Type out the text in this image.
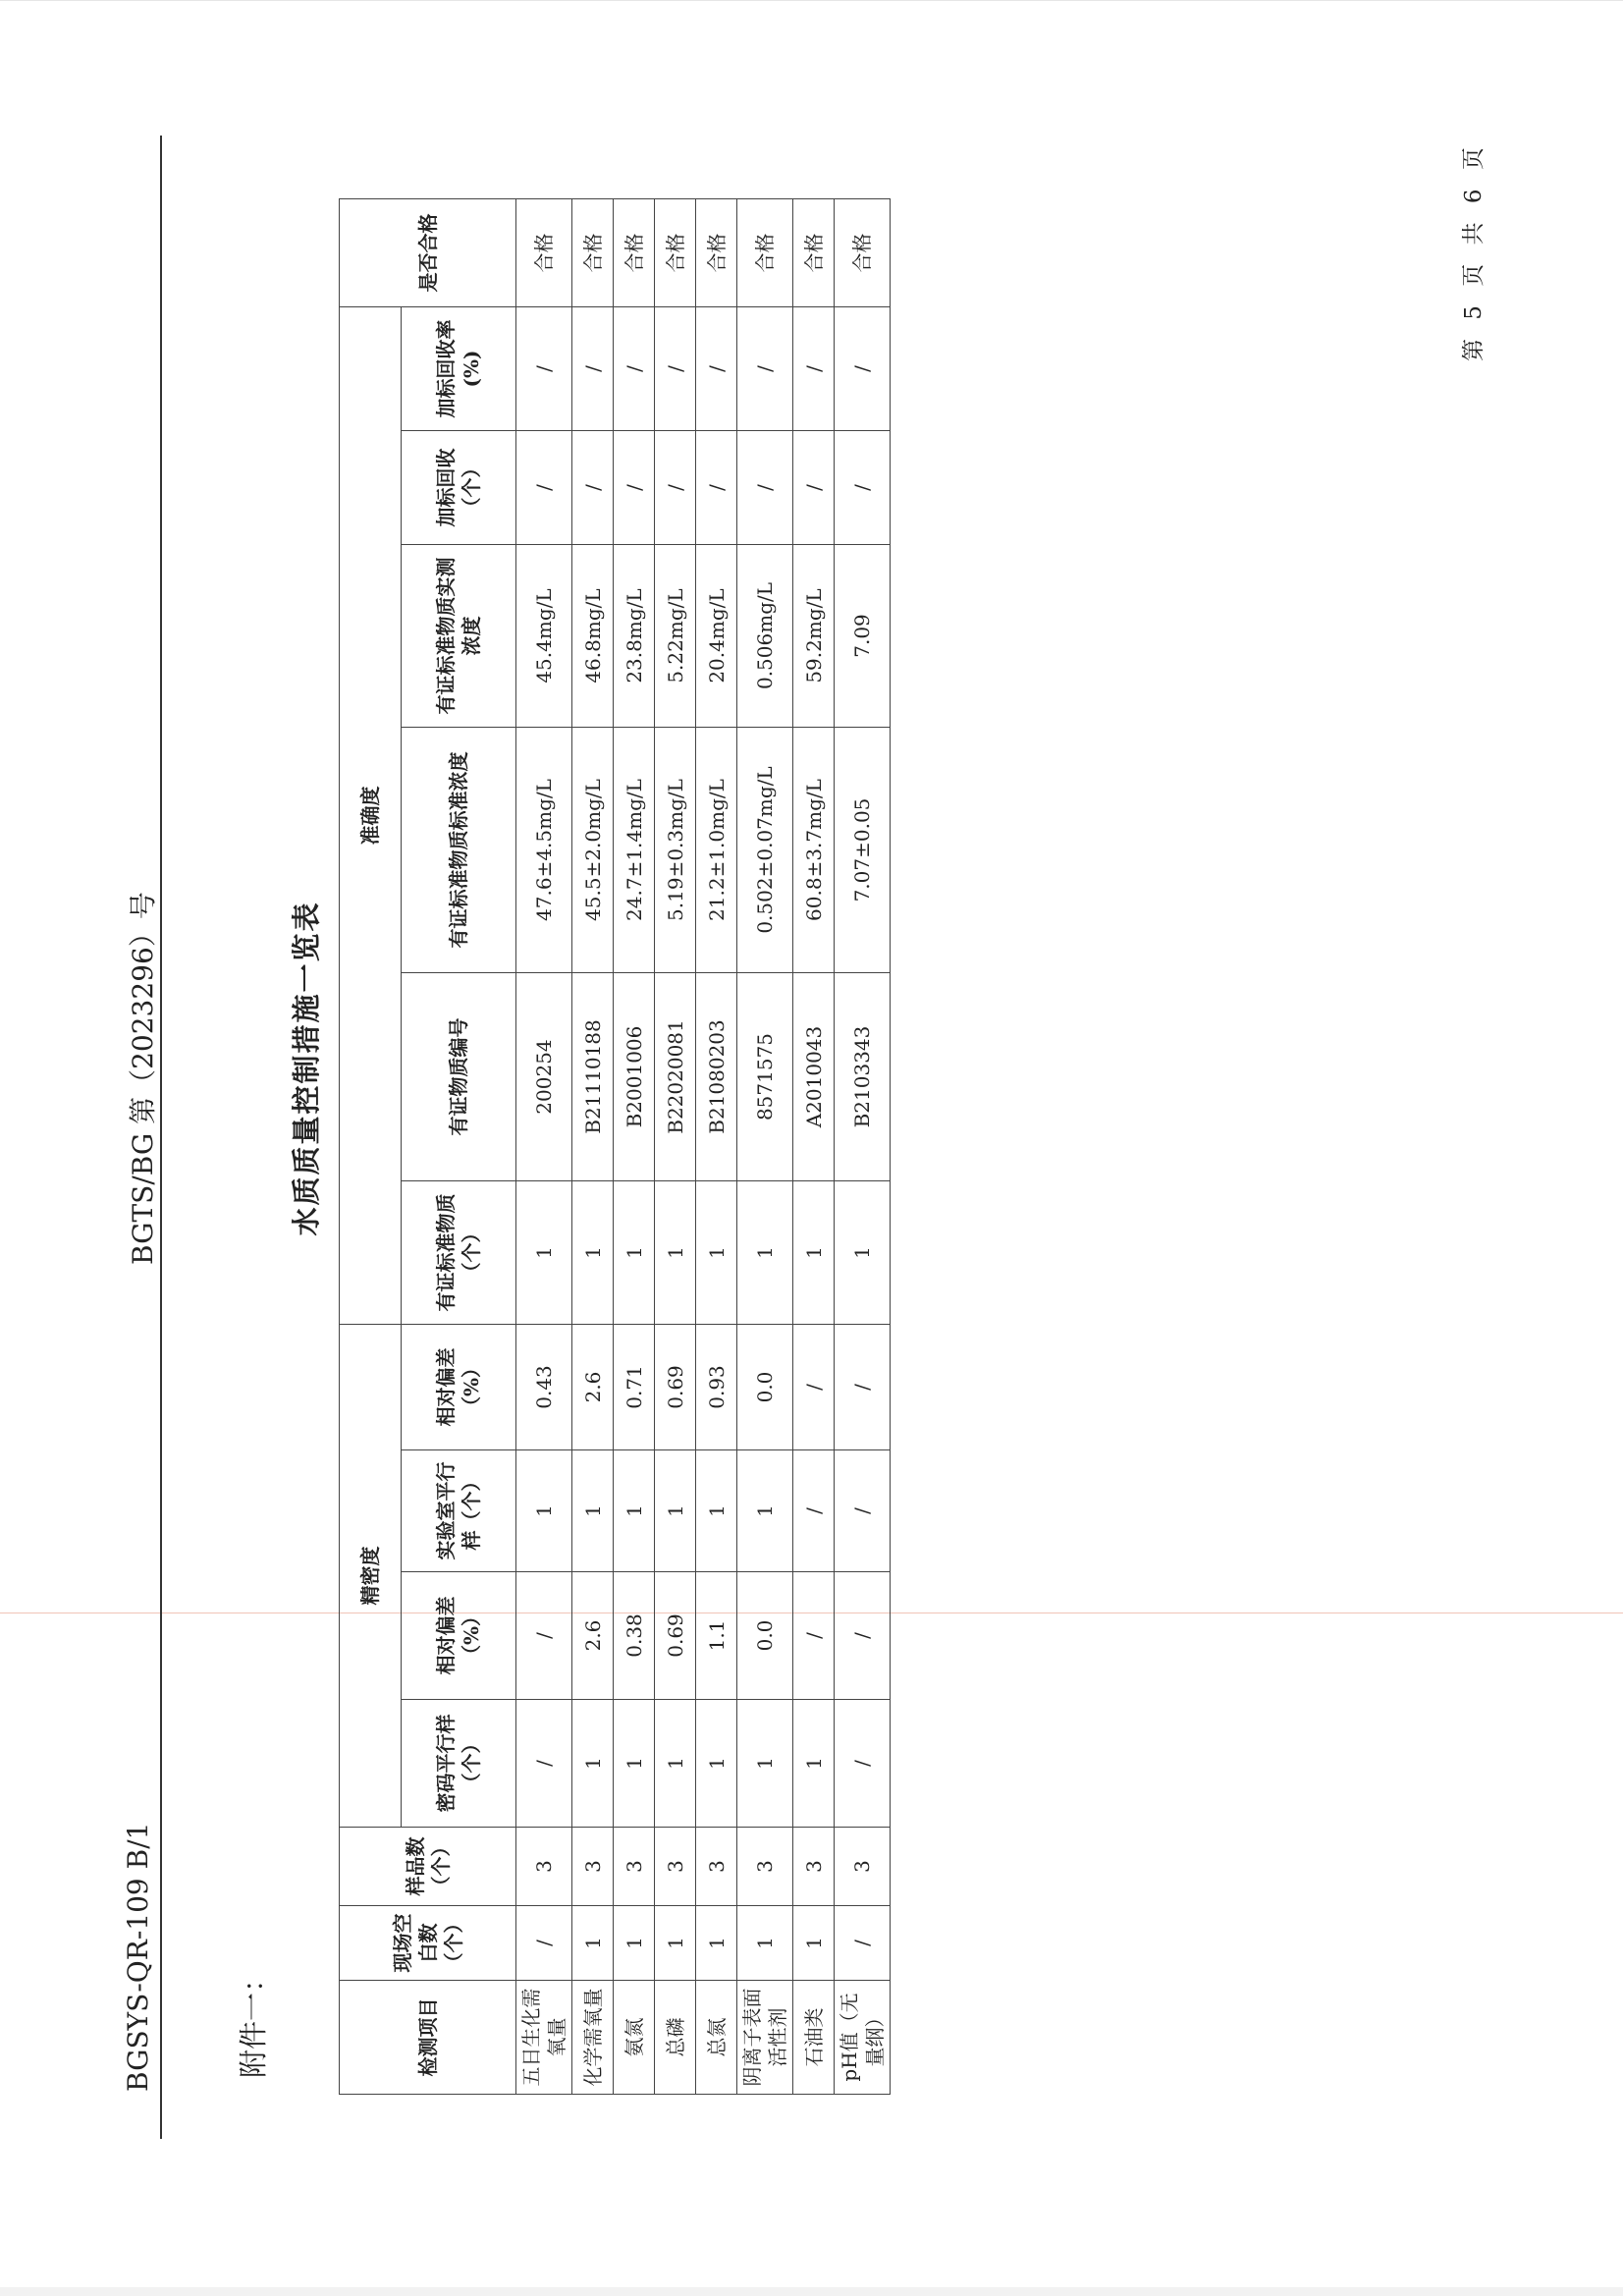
BGSYS-QR-109 B/1
BGTS/BG 第（2023296）号
附件一：
水质质量控制措施一览表
检测项目	现场空白数（个）	样品数（个）	精密度				准确度						是否合格
			密码平行样（个）	相对偏差（%）	实验室平行样（个）	相对偏差（%）	有证标准物质（个）	有证物质编号	有证标准物质标准浓度	有证标准物质实测浓度	加标回收（个）	加标回收率(%)	
五日生化需氧量	/	3	/	/	1	0.43	1	200254	47.6±4.5mg/L	45.4mg/L	/	/	合格
化学需氧量	1	3	1	2.6	1	2.6	1	B21110188	45.5±2.0mg/L	46.8mg/L	/	/	合格
氨氮	1	3	1	0.38	1	0.71	1	B2001006	24.7±1.4mg/L	23.8mg/L	/	/	合格
总磷	1	3	1	0.69	1	0.69	1	B22020081	5.19±0.3mg/L	5.22mg/L	/	/	合格
总氮	1	3	1	1.1	1	0.93	1	B21080203	21.2±1.0mg/L	20.4mg/L	/	/	合格
阴离子表面活性剂	1	3	1	0.0	1	0.0	1	8571575	0.502±0.07mg/L	0.506mg/L	/	/	合格
石油类	1	3	1	/	/	/	1	A2010043	60.8±3.7mg/L	59.2mg/L	/	/	合格
pH值（无量纲）	/	3	/	/	/	/	1	B2103343	7.07±0.05	7.09	/	/	合格	第 5 页 共 6 页
